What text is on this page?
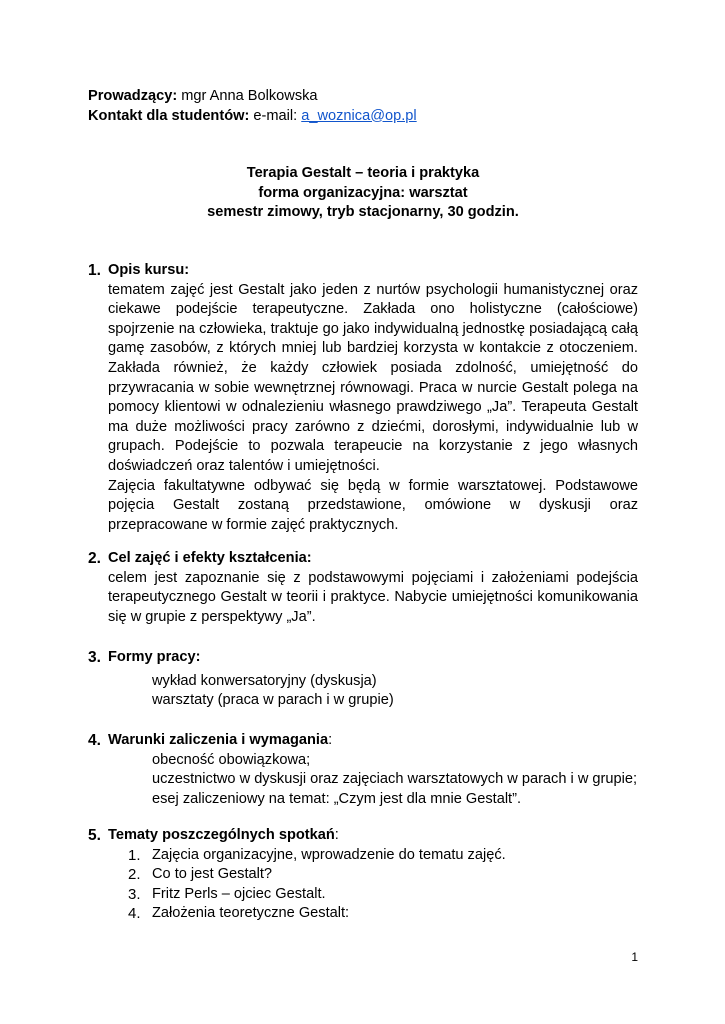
Prowadzący: mgr Anna Bolkowska
Kontakt dla studentów: e-mail: a_woznica@op.pl
Terapia Gestalt – teoria i praktyka
forma organizacyjna: warsztat
semestr zimowy, tryb stacjonarny, 30 godzin.
1. Opis kursu:
tematem zajęć jest Gestalt jako jeden z nurtów psychologii humanistycznej oraz ciekawe podejście terapeutyczne. Zakłada ono holistyczne (całościowe) spojrzenie na człowieka, traktuje go jako indywidualną jednostkę posiadającą całą gamę zasobów, z których mniej lub bardziej korzysta w kontakcie z otoczeniem. Zakłada również, że każdy człowiek posiada zdolność, umiejętność do przywracania w sobie wewnętrznej równowagi. Praca w nurcie Gestalt polega na pomocy klientowi w odnalezieniu własnego prawdziwego „Ja”. Terapeuta Gestalt ma duże możliwości pracy zarówno z dziećmi, dorosłymi, indywidualnie lub w grupach. Podejście to pozwala terapeucie na korzystanie z jego własnych doświadczeń oraz talentów i umiejętności.
Zajęcia fakultatywne odbywać się będą w formie warsztatowej. Podstawowe pojęcia Gestalt zostaną przedstawione, omówione w dyskusji oraz przepracowane w formie zajęć praktycznych.
2. Cel zajęć i efekty kształcenia:
celem jest zapoznanie się z podstawowymi pojęciami i założeniami podejścia terapeutycznego Gestalt w teorii i praktyce. Nabycie umiejętności komunikowania się w grupie z perspektywy „Ja”.
3. Formy pracy:
wykład konwersatoryjny (dyskusja)
warsztaty (praca w parach i w grupie)
4. Warunki zaliczenia i wymagania:
obecność obowiązkowa;
uczestnictwo w dyskusji oraz zajęciach warsztatowych w parach i w grupie;
esej zaliczeniowy na temat: „Czym jest dla mnie Gestalt”.
5. Tematy poszczególnych spotkań:
1. Zajęcia organizacyjne, wprowadzenie do tematu zajęć.
2. Co to jest Gestalt?
3. Fritz Perls – ojciec Gestalt.
4. Założenia teoretyczne Gestalt:
1
